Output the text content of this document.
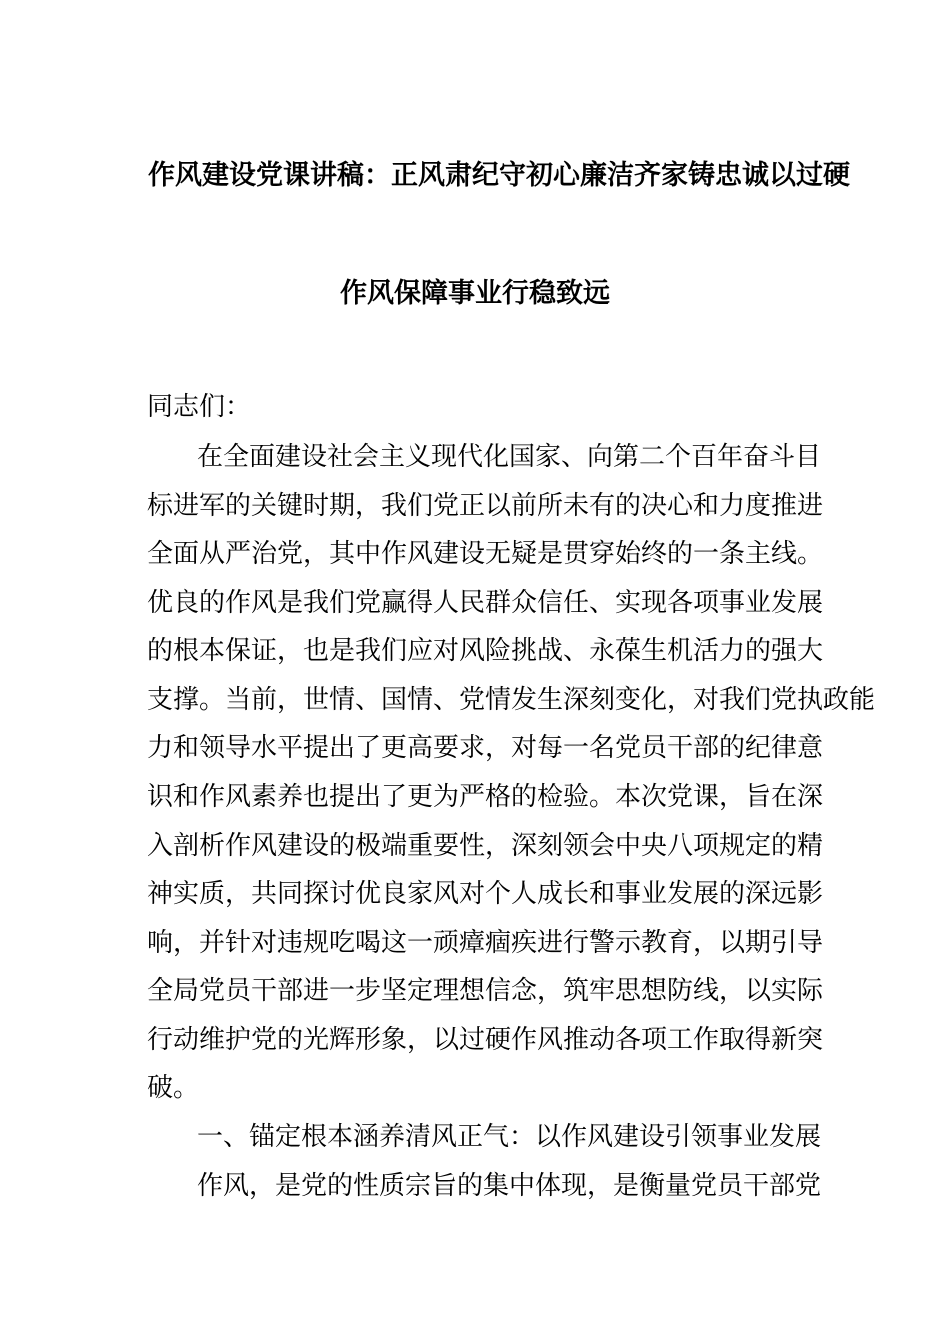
作风建设党课讲稿：正风肃纪守初心廉洁齐家铸忠诚以过硬
作风保障事业行稳致远
同志们：
在全面建设社会主义现代化国家、向第二个百年奋斗目
标进军的关键时期，我们党正以前所未有的决心和力度推进
全面从严治党，其中作风建设无疑是贯穿始终的一条主线。
优良的作风是我们党赢得人民群众信任、实现各项事业发展
的根本保证，也是我们应对风险挑战、永葆生机活力的强大
支撑。当前，世情、国情、党情发生深刻变化，对我们党执政能
力和领导水平提出了更高要求，对每一名党员干部的纪律意
识和作风素养也提出了更为严格的检验。本次党课，旨在深
入剖析作风建设的极端重要性，深刻领会中央八项规定的精
神实质，共同探讨优良家风对个人成长和事业发展的深远影
响，并针对违规吃喝这一顽瘴痼疾进行警示教育，以期引导
全局党员干部进一步坚定理想信念，筑牢思想防线，以实际
行动维护党的光辉形象，以过硬作风推动各项工作取得新突
破。
一、锚定根本涵养清风正气：以作风建设引领事业发展
作风，是党的性质宗旨的集中体现，是衡量党员干部党
